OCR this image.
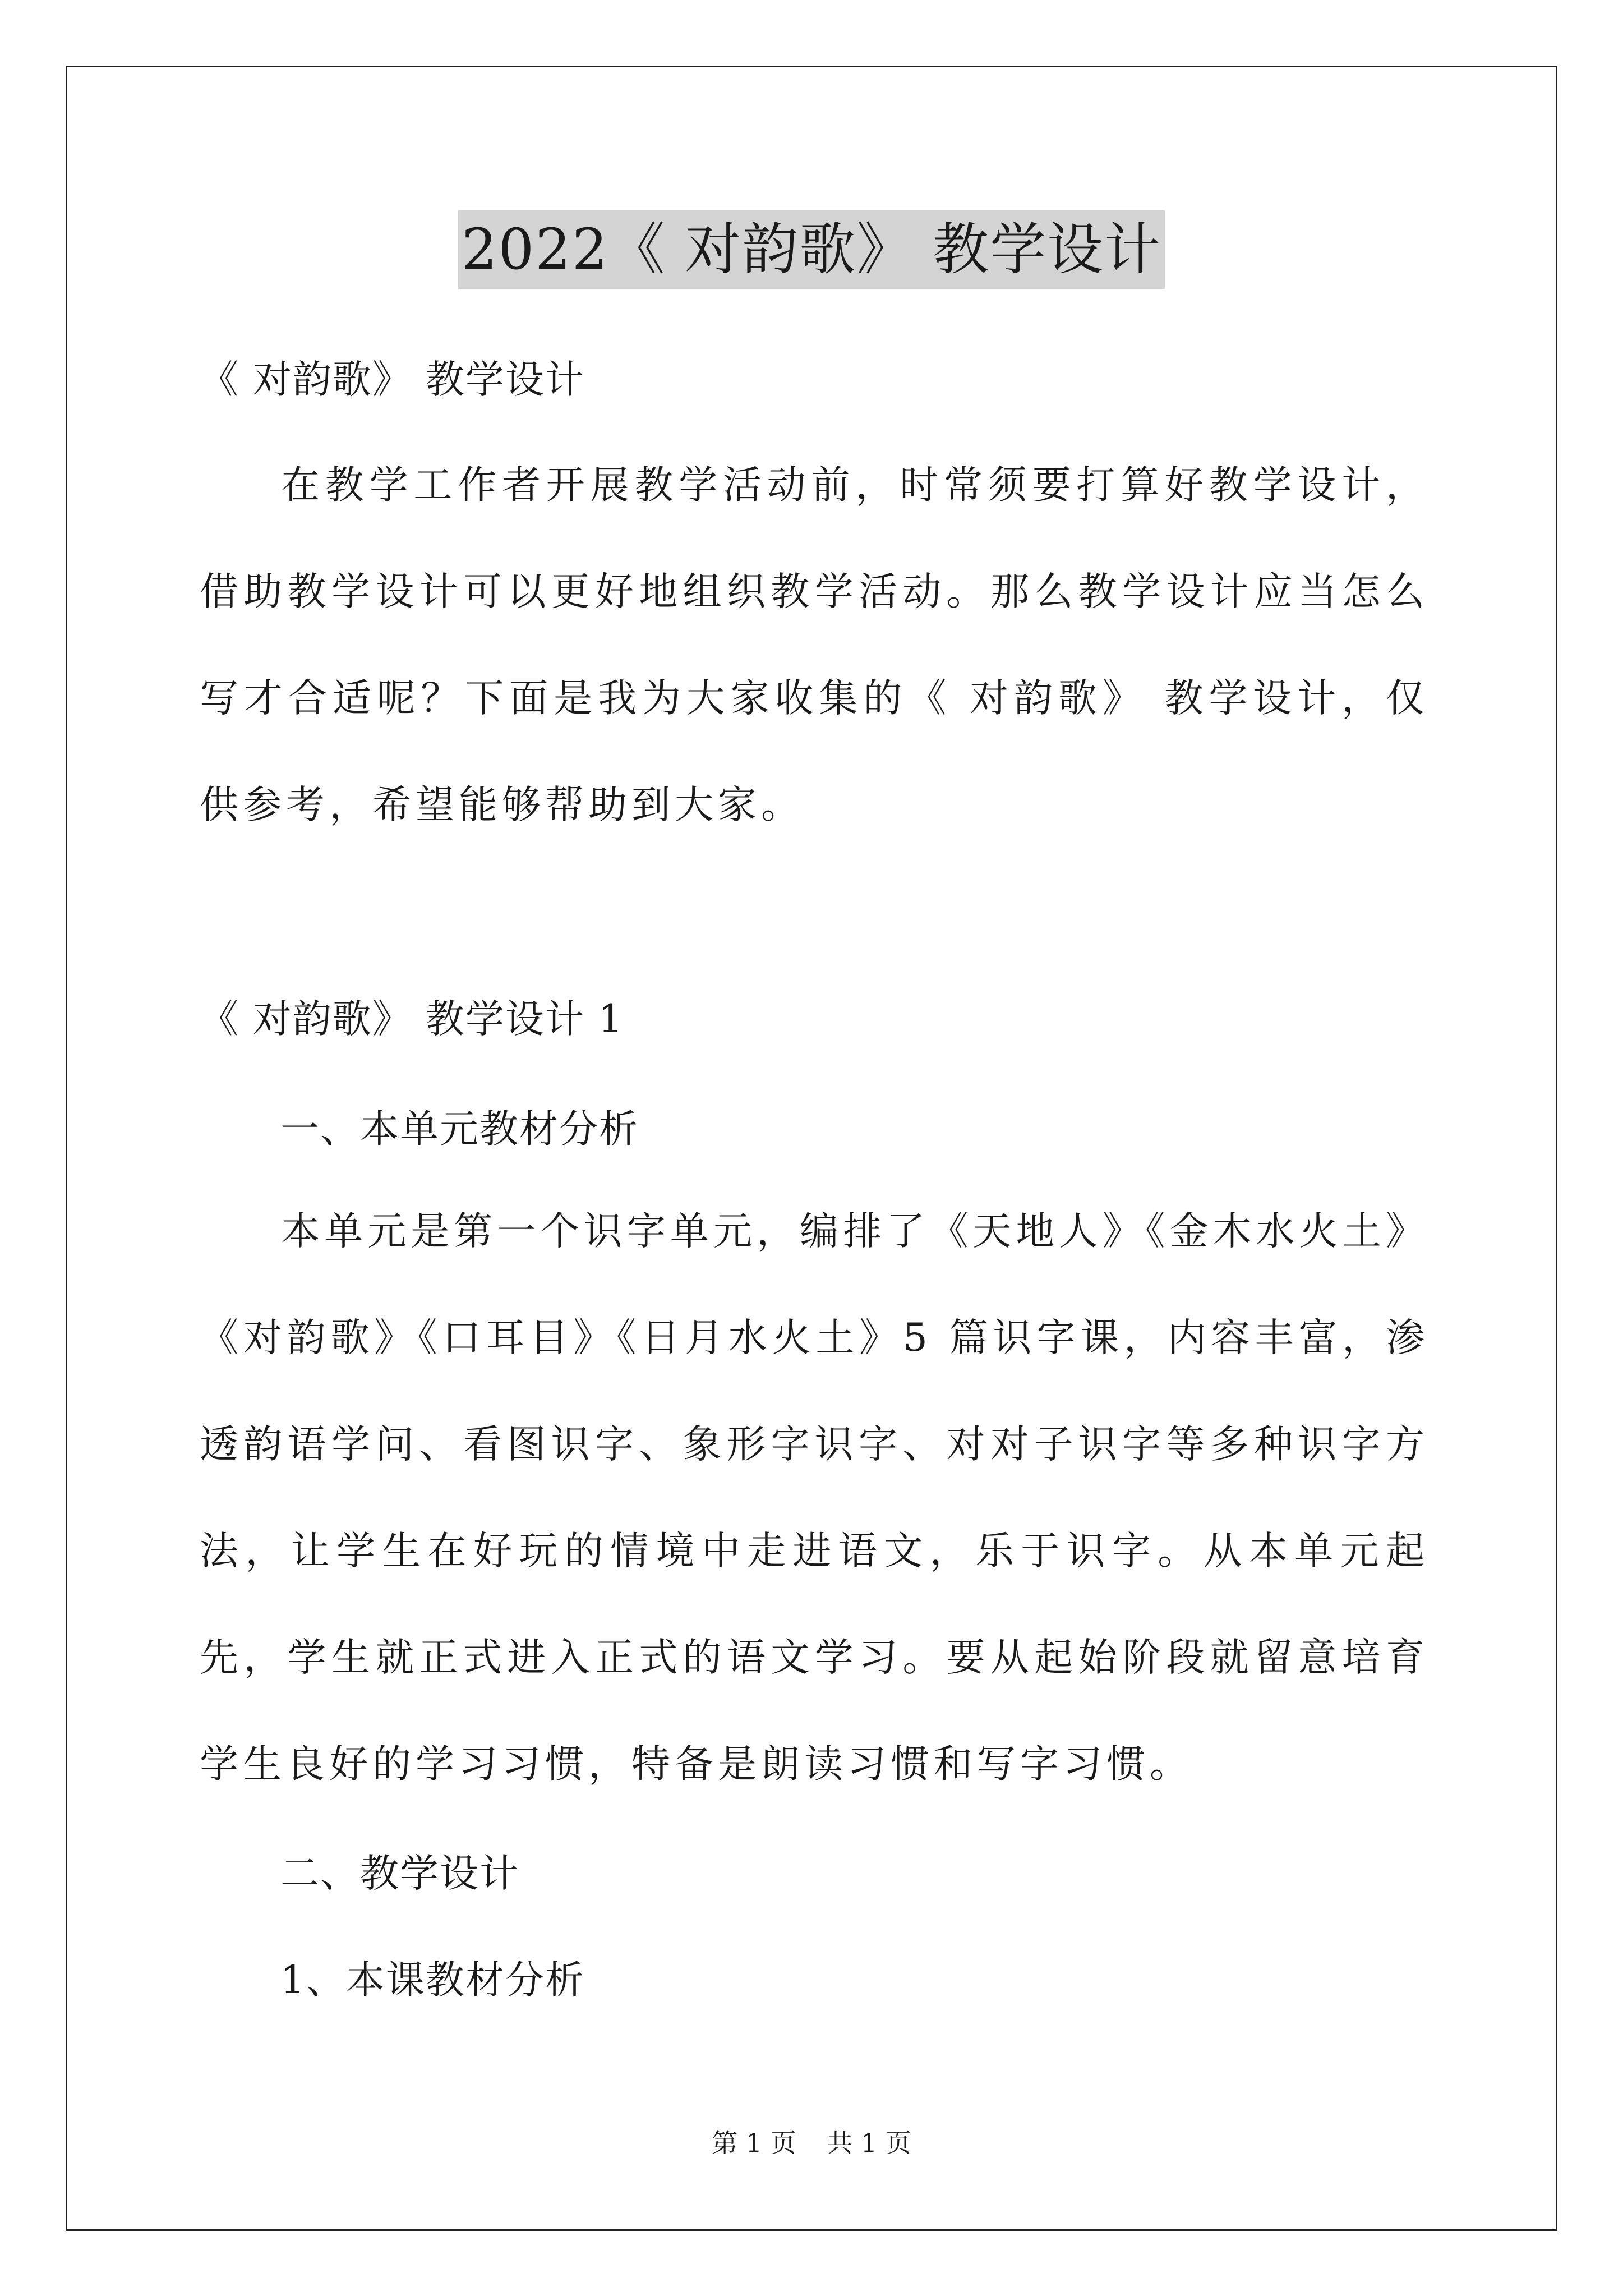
2022《 对韵歌》 教学设计
《 对韵歌》 教学设计

在教学工作者开展教学活动前，时常须要打算好教学设计，借助教学设计可以更好地组织教学活动。那么教学设计应当怎么写才合适呢？下面是我为大家收集的《 对韵歌》 教学设计，仅供参考，希望能够帮助到大家。

《 对韵歌》 教学设计 1
一、本单元教材分析

本单元是第一个识字单元，编排了《天地人》《金木水火土》《对韵歌》《口耳目》《日月水火土》5 篇识字课，内容丰富，渗透韵语学问、看图识字、象形字识字、对对子识字等多种识字方法，让学生在好玩的情境中走进语文，乐于识字。从本单元起先，学生就正式进入正式的语文学习。要从起始阶段就留意培育学生良好的学习习惯，特备是朗读习惯和写字习惯。

二、教学设计
1、本课教材分析
第 1 页 共 1 页
